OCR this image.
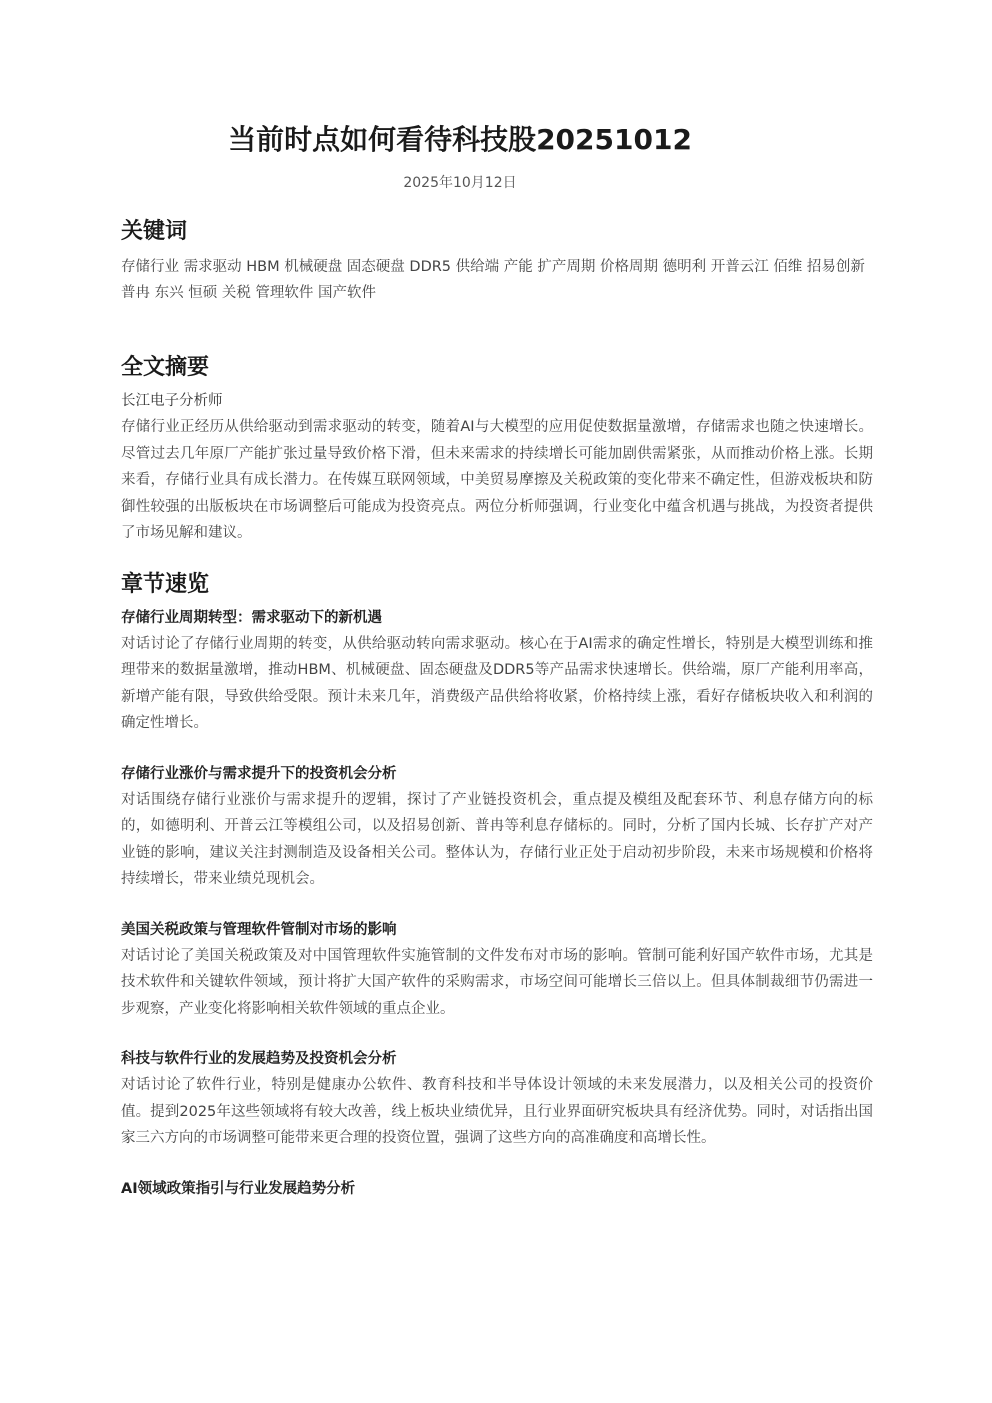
当前时点如何看待科技股20251012
2025年10月12日
关键词

存储行业 需求驱动 HBM 机械硬盘 固态硬盘 DDR5 供给端 产能 扩产周期 价格周期 德明利 开普云江 佰维 招易创新 普冉 东兴 恒硕 关税 管理软件 国产软件

全文摘要

长江电子分析师

存储行业正经历从供给驱动到需求驱动的转变，随着AI与大模型的应用促使数据量激增，存储需求也随之快速增长。尽管过去几年原厂产能扩张过量导致价格下滑，但未来需求的持续增长可能加剧供需紧张，从而推动价格上涨。长期来看，存储行业具有成长潜力。在传媒互联网领域，中美贸易摩擦及关税政策的变化带来不确定性，但游戏板块和防御性较强的出版板块在市场调整后可能成为投资亮点。两位分析师强调，行业变化中蕴含机遇与挑战，为投资者提供了市场见解和建议。

章节速览

存储行业周期转型：需求驱动下的新机遇

对话讨论了存储行业周期的转变，从供给驱动转向需求驱动。核心在于AI需求的确定性增长，特别是大模型训练和推理带来的数据量激增，推动HBM、机械硬盘、固态硬盘及DDR5等产品需求快速增长。供给端，原厂产能利用率高，新增产能有限，导致供给受限。预计未来几年，消费级产品供给将收紧，价格持续上涨，看好存储板块收入和利润的确定性增长。

存储行业涨价与需求提升下的投资机会分析

对话围绕存储行业涨价与需求提升的逻辑，探讨了产业链投资机会，重点提及模组及配套环节、利息存储方向的标的，如德明利、开普云江等模组公司，以及招易创新、普冉等利息存储标的。同时，分析了国内长城、长存扩产对产业链的影响，建议关注封测制造及设备相关公司。整体认为，存储行业正处于启动初步阶段，未来市场规模和价格将持续增长，带来业绩兑现机会。

美国关税政策与管理软件管制对市场的影响

对话讨论了美国关税政策及对中国管理软件实施管制的文件发布对市场的影响。管制可能利好国产软件市场，尤其是技术软件和关键软件领域，预计将扩大国产软件的采购需求，市场空间可能增长三倍以上。但具体制裁细节仍需进一步观察，产业变化将影响相关软件领域的重点企业。

科技与软件行业的发展趋势及投资机会分析

对话讨论了软件行业，特别是健康办公软件、教育科技和半导体设计领域的未来发展潜力，以及相关公司的投资价值。提到2025年这些领域将有较大改善，线上板块业绩优异，且行业界面研究板块具有经济优势。同时，对话指出国家三六方向的市场调整可能带来更合理的投资位置，强调了这些方向的高准确度和高增长性。

AI领域政策指引与行业发展趋势分析
